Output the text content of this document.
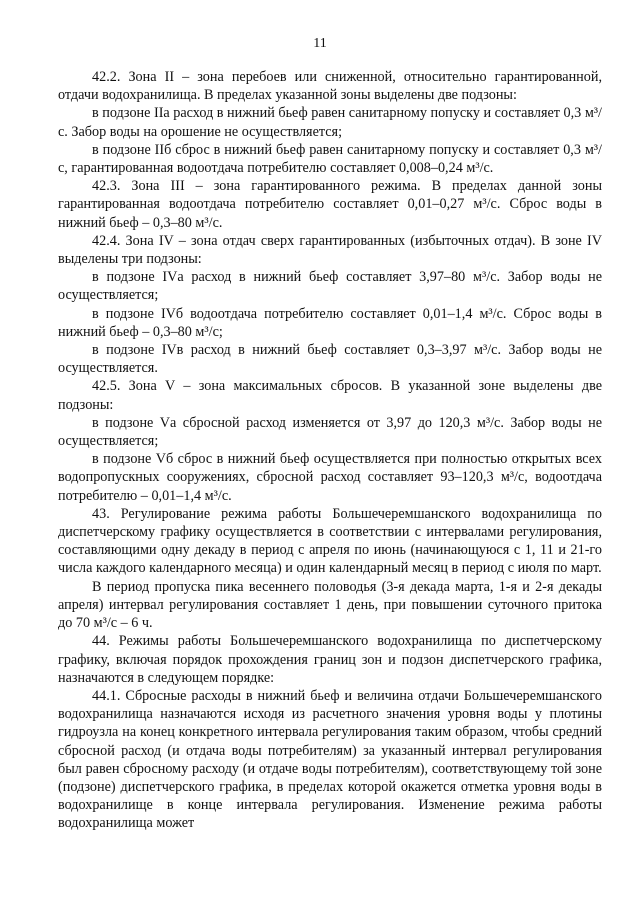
11

42.2. Зона II – зона перебоев или сниженной, относительно гарантированной, отдачи водохранилища. В пределах указанной зоны выделены две подзоны:

в подзоне IIа расход в нижний бьеф равен санитарному попуску и составляет 0,3 м³/с. Забор воды на орошение не осуществляется;

в подзоне IIб сброс в нижний бьеф равен санитарному попуску и составляет 0,3 м³/с, гарантированная водоотдача потребителю составляет 0,008–0,24 м³/с.

42.3. Зона III – зона гарантированного режима. В пределах данной зоны гарантированная водоотдача потребителю составляет 0,01–0,27 м³/с. Сброс воды в нижний бьеф – 0,3–80 м³/с.

42.4. Зона IV – зона отдач сверх гарантированных (избыточных отдач). В зоне IV выделены три подзоны:

в подзоне IVа расход в нижний бьеф составляет 3,97–80 м³/с. Забор воды не осуществляется;

в подзоне IVб водоотдача потребителю составляет 0,01–1,4 м³/с. Сброс воды в нижний бьеф – 0,3–80 м³/с;

в подзоне IVв расход в нижний бьеф составляет 0,3–3,97 м³/с. Забор воды не осуществляется.

42.5. Зона V – зона максимальных сбросов. В указанной зоне выделены две подзоны:

в подзоне Vа сбросной расход изменяется от 3,97 до 120,3 м³/с. Забор воды не осуществляется;

в подзоне Vб сброс в нижний бьеф осуществляется при полностью открытых всех водопропускных сооружениях, сбросной расход составляет 93–120,3 м³/с, водоотдача потребителю – 0,01–1,4 м³/с.

43. Регулирование режима работы Большечеремшанского водохранилища по диспетчерскому графику осуществляется в соответствии с интервалами регулирования, составляющими одну декаду в период с апреля по июнь (начинающуюся с 1, 11 и 21-го числа каждого календарного месяца) и один календарный месяц в период с июля по март.

В период пропуска пика весеннего половодья (3-я декада марта, 1-я и 2-я декады апреля) интервал регулирования составляет 1 день, при повышении суточного притока до 70 м³/с – 6 ч.

44. Режимы работы Большечеремшанского водохранилища по диспетчерскому графику, включая порядок прохождения границ зон и подзон диспетчерского графика, назначаются в следующем порядке:

44.1. Сбросные расходы в нижний бьеф и величина отдачи Большечеремшанского водохранилища назначаются исходя из расчетного значения уровня воды у плотины гидроузла на конец конкретного интервала регулирования таким образом, чтобы средний сбросной расход (и отдача воды потребителям) за указанный интервал регулирования был равен сбросному расходу (и отдаче воды потребителям), соответствующему той зоне (подзоне) диспетчерского графика, в пределах которой окажется отметка уровня воды в водохранилище в конце интервала регулирования. Изменение режима работы водохранилища может
